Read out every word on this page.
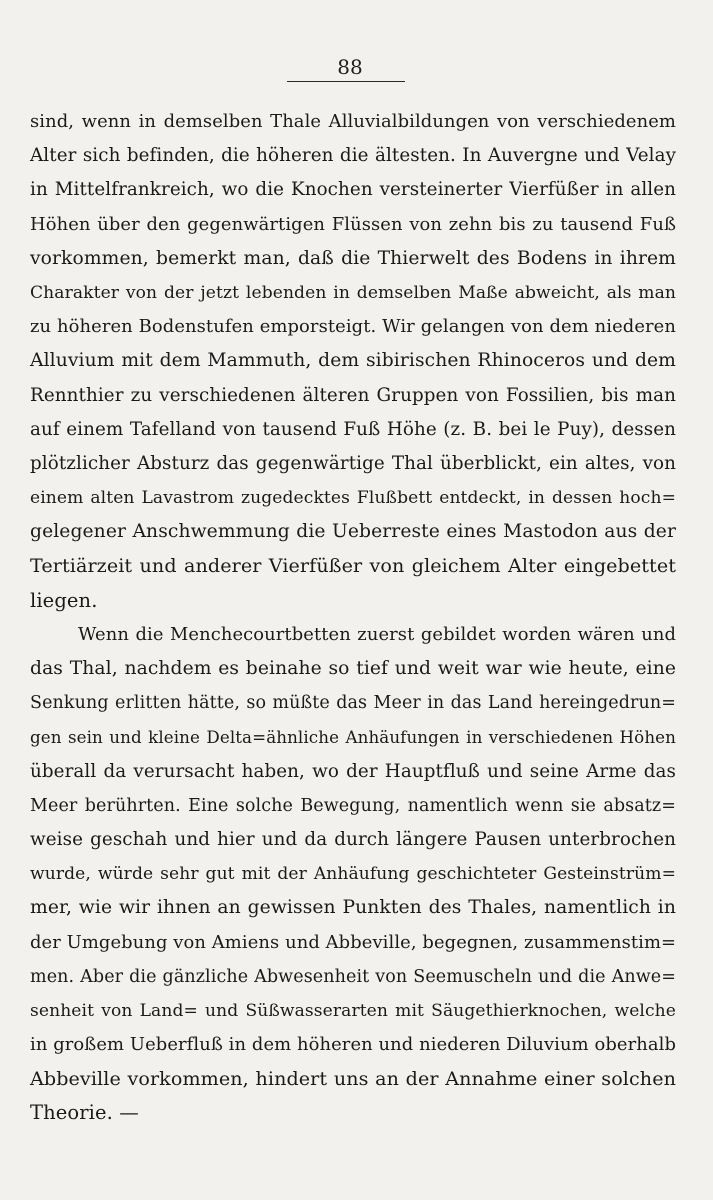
88
sind, wenn in demselben Thale Alluvialbildungen von verschiedenem
Alter sich befinden, die höheren die ältesten. In Auvergne und Velay
in Mittelfrankreich, wo die Knochen versteinerter Vierfüßer in allen
Höhen über den gegenwärtigen Flüssen von zehn bis zu tausend Fuß
vorkommen, bemerkt man, daß die Thierwelt des Bodens in ihrem
Charakter von der jetzt lebenden in demselben Maße abweicht, als man
zu höheren Bodenstufen emporsteigt. Wir gelangen von dem niederen
Alluvium mit dem Mammuth, dem sibirischen Rhinoceros und dem
Rennthier zu verschiedenen älteren Gruppen von Fossilien, bis man
auf einem Tafelland von tausend Fuß Höhe (z. B. bei le Puy), dessen
plötzlicher Absturz das gegenwärtige Thal überblickt, ein altes, von
einem alten Lavastrom zugedecktes Flußbett entdeckt, in dessen hoch=
gelegener Anschwemmung die Ueberreste eines Mastodon aus der
Tertiärzeit und anderer Vierfüßer von gleichem Alter eingebettet
liegen.
Wenn die Menchecourtbetten zuerst gebildet worden wären und
das Thal, nachdem es beinahe so tief und weit war wie heute, eine
Senkung erlitten hätte, so müßte das Meer in das Land hereingedrun=
gen sein und kleine Delta=ähnliche Anhäufungen in verschiedenen Höhen
überall da verursacht haben, wo der Hauptfluß und seine Arme das
Meer berührten. Eine solche Bewegung, namentlich wenn sie absatz=
weise geschah und hier und da durch längere Pausen unterbrochen
wurde, würde sehr gut mit der Anhäufung geschichteter Gesteinstrüm=
mer, wie wir ihnen an gewissen Punkten des Thales, namentlich in
der Umgebung von Amiens und Abbeville, begegnen, zusammenstim=
men. Aber die gänzliche Abwesenheit von Seemuscheln und die Anwe=
senheit von Land= und Süßwasserarten mit Säugethierknochen, welche
in großem Ueberfluß in dem höheren und niederen Diluvium oberhalb
Abbeville vorkommen, hindert uns an der Annahme einer solchen
Theorie. —
